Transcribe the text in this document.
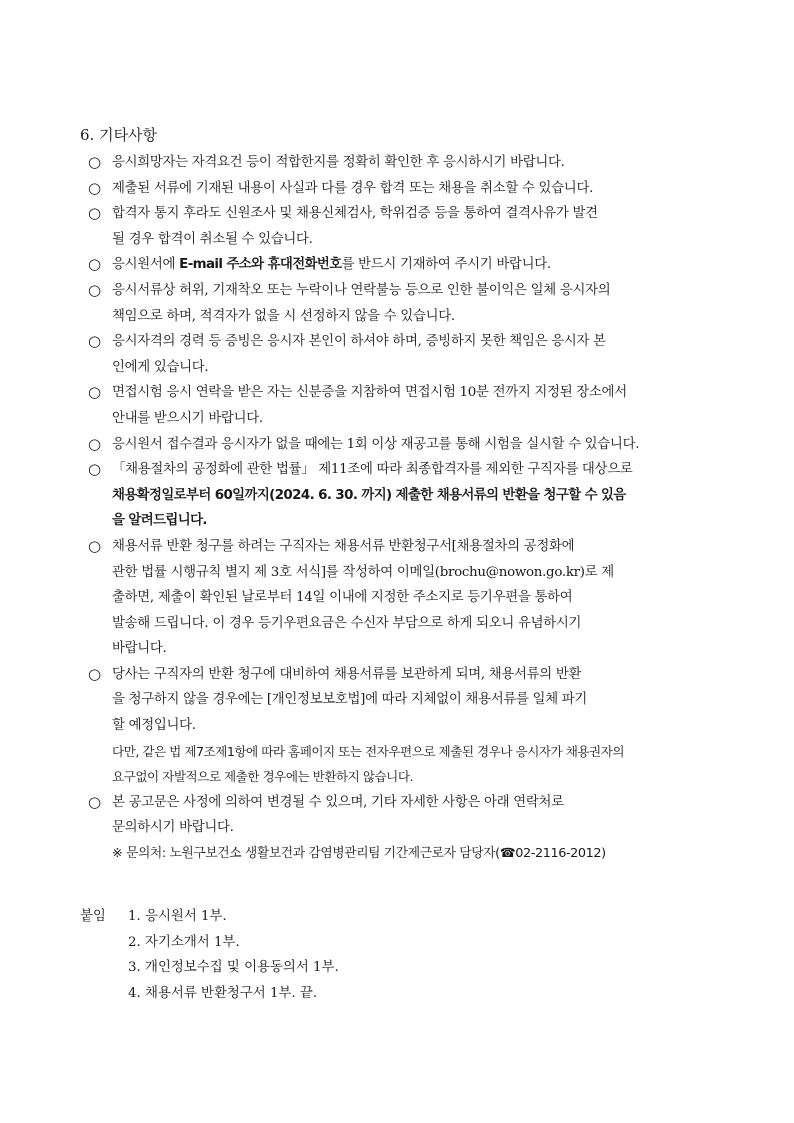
6. 기타사항
○ 응시희망자는 자격요건 등이 적합한지를 정확히 확인한 후 응시하시기 바랍니다.
○ 제출된 서류에 기재된 내용이 사실과 다를 경우 합격 또는 채용을 취소할 수 있습니다.
○ 합격자 통지 후라도 신원조사 및 채용신체검사, 학위검증 등을 통하여 결격사유가 발견
될 경우 합격이 취소될 수 있습니다.
○ 응시원서에 E-mail 주소와 휴대전화번호를 반드시 기재하여 주시기 바랍니다.
○ 응시서류상 허위, 기재착오 또는 누락이나 연락불능 등으로 인한 불이익은 일체 응시자의
책임으로 하며, 적격자가 없을 시 선정하지 않을 수 있습니다.
○ 응시자격의 경력 등 증빙은 응시자 본인이 하셔야 하며, 증빙하지 못한 책임은 응시자 본
인에게 있습니다.
○ 면접시험 응시 연락을 받은 자는 신분증을 지참하여 면접시험 10분 전까지 지정된 장소에서
안내를 받으시기 바랍니다.
○ 응시원서 접수결과 응시자가 없을 때에는 1회 이상 재공고를 통해 시험을 실시할 수 있습니다.
○ 「채용절차의 공정화에 관한 법률」 제11조에 따라 최종합격자를 제외한 구직자를 대상으로
채용확정일로부터 60일까지(2024. 6. 30. 까지) 제출한 채용서류의 반환을 청구할 수 있음
을 알려드립니다.
○ 채용서류 반환 청구를 하려는 구직자는 채용서류 반환청구서[채용절차의 공정화에
관한 법률 시행규칙 별지 제 3호 서식]를 작성하여 이메일(brochu@nowon.go.kr)로 제
출하면, 제출이 확인된 날로부터 14일 이내에 지정한 주소지로 등기우편을 통하여
발송해 드립니다. 이 경우 등기우편요금은 수신자 부담으로 하게 되오니 유념하시기
바랍니다.
○ 당사는 구직자의 반환 청구에 대비하여 채용서류를 보관하게 되며, 채용서류의 반환
을 청구하지 않을 경우에는 [개인정보보호법]에 따라 지체없이 채용서류를 일체 파기
할 예정입니다.
다만, 같은 법 제7조제1항에 따라 홈페이지 또는 전자우편으로 제출된 경우나 응시자가 채용권자의
요구없이 자발적으로 제출한 경우에는 반환하지 않습니다.
○ 본 공고문은 사정에 의하여 변경될 수 있으며, 기타 자세한 사항은 아래 연락처로
문의하시기 바랍니다.
※ 문의처: 노원구보건소 생활보건과 감염병관리팀 기간제근로자 담당자(☎02-2116-2012)
붙임	1. 응시원서 1부.
2. 자기소개서 1부.
3. 개인정보수집 및 이용동의서 1부.
4. 채용서류 반환청구서 1부. 끝.
